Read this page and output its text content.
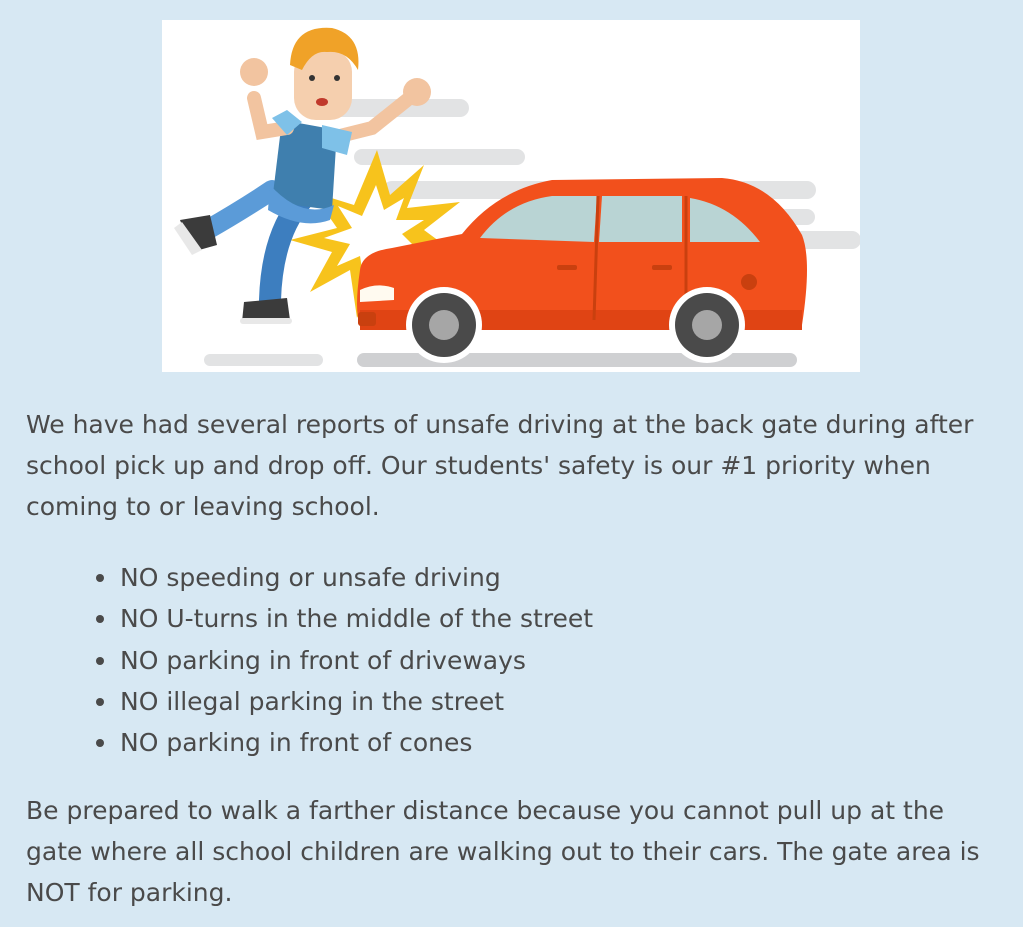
We have had several reports of unsafe driving at the back gate during after school pick up and drop off. Our students' safety is our #1 priority when coming to or leaving school.

NO speeding or unsafe driving
NO U-turns in the middle of the street
NO parking in front of driveways
NO illegal parking in the street
NO parking in front of cones

Be prepared to walk a farther distance because you cannot pull up at the gate where all school children are walking out to their cars. The gate area is NOT for parking.
